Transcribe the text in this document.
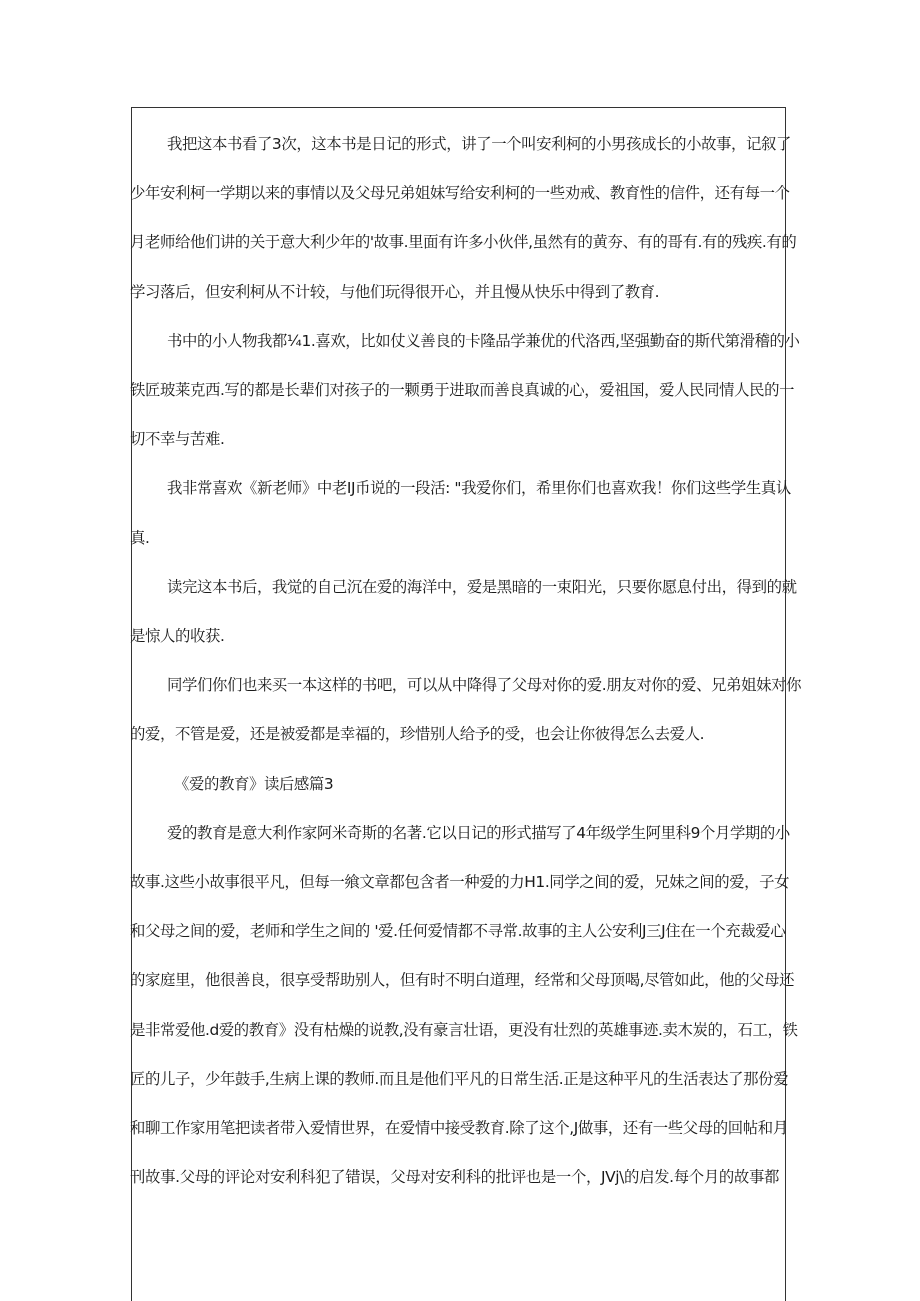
我把这本书看了3次，这本书是日记的形式，讲了一个叫安利柯的小男孩成长的小故事，记叙了
少年安利柯一学期以来的事情以及父母兄弟姐妹写给安利柯的一些劝戒、教育性的信件，还有每一个
月老师给他们讲的关于意大利少年的'故事.里面有许多小伙伴,虽然有的黄夯、有的哥有.有的残疾.有的
学习落后，但安利柯从不计较，与他们玩得很开心，并且慢从快乐中得到了教育.

书中的小人物我都¼1.喜欢，比如仗义善良的卡隆品学兼优的代洛西,坚强勤奋的斯代第滑稽的小
铁匠玻莱克西.写的都是长辈们对孩子的一颗勇于进取而善良真诚的心，爱祖国，爱人民同情人民的一
切不幸与苦难.

我非常喜欢《新老师》中老IJ币说的一段活: "我爱你们，希里你们也喜欢我！你们这些学生真认
真.

读完这本书后，我觉的自己沉在爱的海洋中，爱是黑暗的一束阳光，只要你愿息付出，得到的就
是惊人的收获.

同学们你们也来买一本这样的书吧，可以从中降得了父母对你的爱.朋友对你的爱、兄弟姐妹对你
的爱，不管是爱，还是被爱都是幸福的，珍惜别人给予的受，也会让你彼得怎么去爱人.

《爱的教育》读后感篇3

爱的教育是意大利作家阿米奇斯的名著.它以日记的形式描写了4年级学生阿里科9个月学期的小
故事.这些小故事很平凡，但每一飨文章都包含者一种爱的力H1.同学之间的爱，兄妹之间的爱，子女
和父母之间的爱，老师和学生之间的 '爱.任何爱情都不寻常.故事的主人公安利J三J住在一个充裁爱心
的家庭里，他很善良，很享受帮助别人，但有时不明白道理，经常和父母顶喝,尽管如此，他的父母还
是非常爱他.d爱的教育》没有枯燥的说教,没有豪言壮语，更没有壮烈的英雄事迹.卖木炭的，石工，铁
匠的儿子，少年鼓手,生病上课的教师.而且是他们平凡的日常生活.正是这种平凡的生活表达了那份爱
和聊工作家用笔把读者带入爱情世界，在爱情中接受教育.除了这个,J做事，还有一些父母的回帖和月
刊故事.父母的评论对安利科犯了错误，父母对安利科的批评也是一个，JVj\的启发.每个月的故事都
